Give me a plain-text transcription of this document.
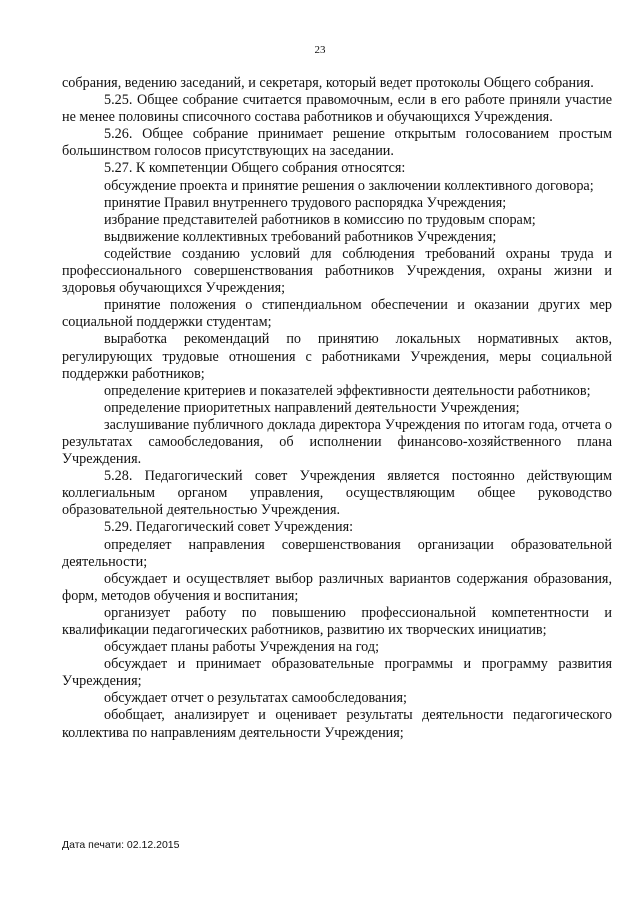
23

собрания, ведению заседаний, и секретаря, который ведет протоколы Общего собрания.

5.25. Общее собрание считается правомочным, если в его работе приняли участие не менее половины списочного состава работников и обучающихся Учреждения.

5.26. Общее собрание принимает решение открытым голосованием простым большинством голосов присутствующих на заседании.

5.27. К компетенции Общего собрания относятся:

обсуждение проекта и принятие решения о заключении коллективного договора;

принятие Правил внутреннего трудового распорядка Учреждения;

избрание представителей работников в комиссию по трудовым спорам;

выдвижение коллективных требований работников Учреждения;

содействие созданию условий для соблюдения требований охраны труда и профессионального совершенствования работников Учреждения, охраны жизни и здоровья обучающихся Учреждения;

принятие положения о стипендиальном обеспечении и оказании других мер социальной поддержки студентам;

выработка рекомендаций по принятию локальных нормативных актов, регулирующих трудовые отношения с работниками Учреждения, меры социальной поддержки работников;

определение критериев и показателей эффективности деятельности работников;

определение приоритетных направлений деятельности Учреждения;

заслушивание публичного доклада директора Учреждения по итогам года, отчета о результатах самообследования, об исполнении финансово-хозяйственного плана Учреждения.

5.28. Педагогический совет Учреждения является постоянно действующим коллегиальным органом управления, осуществляющим общее руководство образовательной деятельностью Учреждения.

5.29. Педагогический совет Учреждения:

определяет направления совершенствования организации образовательной деятельности;

обсуждает и осуществляет выбор различных вариантов содержания образования, форм, методов обучения и воспитания;

организует работу по повышению профессиональной компетентности и квалификации педагогических работников, развитию их творческих инициатив;

обсуждает планы работы Учреждения на год;

обсуждает и принимает образовательные программы и программу развития Учреждения;

обсуждает отчет о результатах самообследования;

обобщает, анализирует и оценивает результаты деятельности педагогического коллектива по направлениям деятельности Учреждения;

Дата печати: 02.12.2015
